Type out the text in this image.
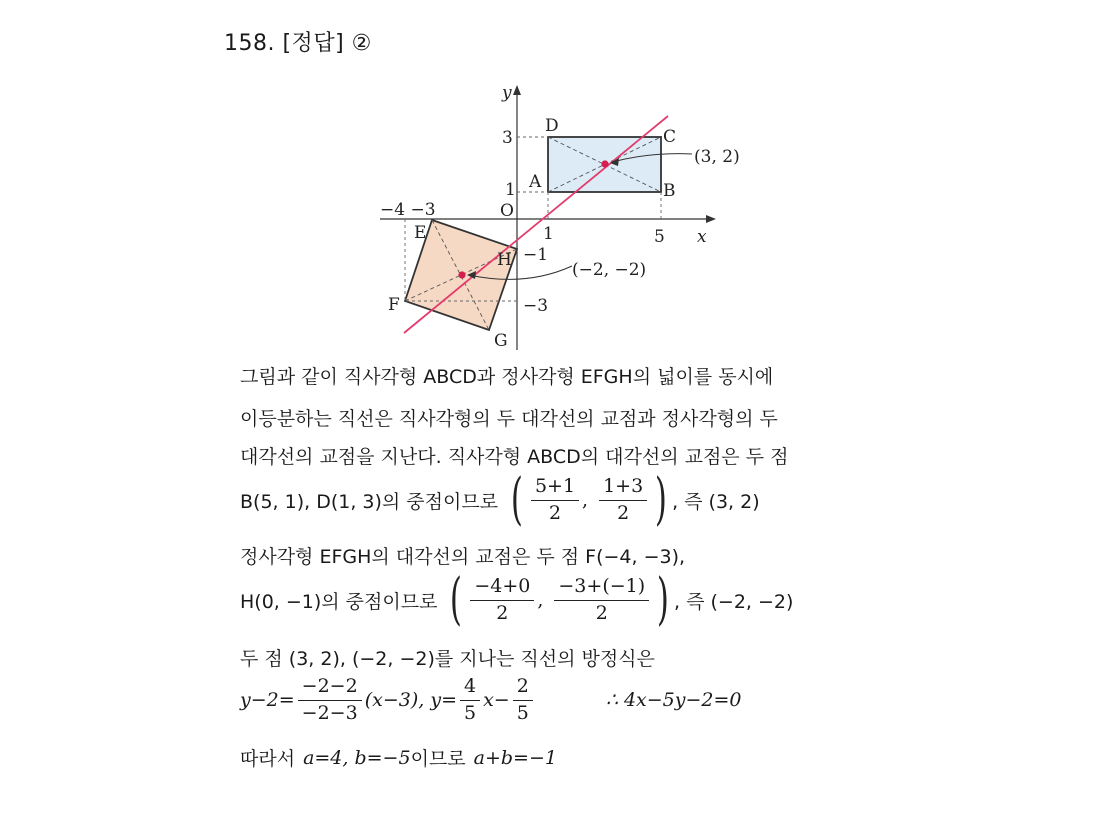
158. [정답] ②
y
x
O
D
C
A	B
E
H
F
G
3
1
−1
−3
1	5
−4 −3
(3, 2)
(−2, −2)
그림과 같이 직사각형 ABCD과 정사각형 EFGH의 넓이를 동시에
이등분하는 직선은 직사각형의 두 대각선의 교점과 정사각형의 두
대각선의 교점을 지난다. 직사각형 ABCD의 대각선의 교점은 두 점
B(5, 1), D(1, 3)의 중점이므로 ( $\frac{5+1}{2}$ , $\frac{1+3}{2}$ ) , 즉 (3, 2)
정사각형 EFGH의 대각선의 교점은 두 점 F(−4, −3),
H(0, −1)의 중점이므로 ( $\frac{-4+0}{2}$ , $\frac{-3+(-1)}{2}$ ) , 즉 (−2, −2)
두 점 (3, 2), (−2, −2)를 지나는 직선의 방정식은
$y-2= \frac{-2-2}{-2-3} (x-3)$, $y= \frac{4}{5} x- \frac{2}{5}$	∴ 4x−5y−2=0
따라서 a=4, b=−5 이므로 a+b=−1
